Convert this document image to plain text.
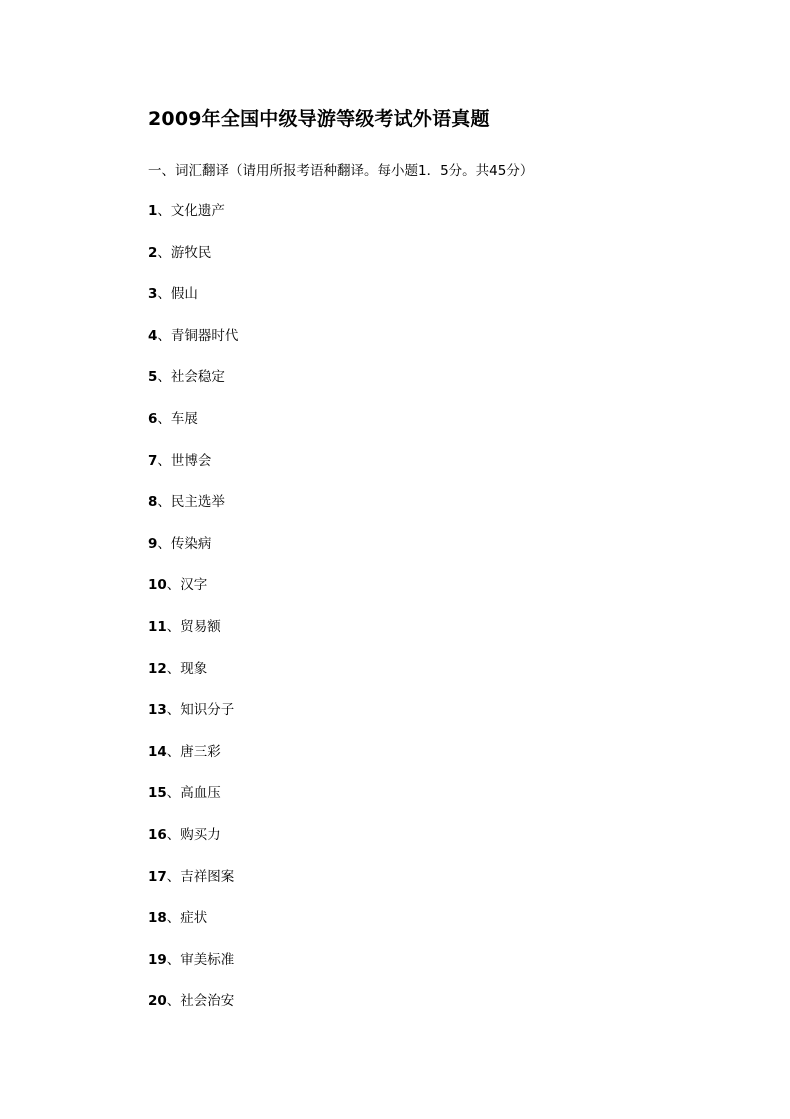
2009年全国中级导游等级考试外语真题
一、词汇翻译（请用所报考语种翻译。每小题1．5分。共45分）
1、文化遗产
2、游牧民
3、假山
4、青铜器时代
5、社会稳定
6、车展
7、世博会
8、民主选举
9、传染病
10、汉字
11、贸易额
12、现象
13、知识分子
14、唐三彩
15、高血压
16、购买力
17、吉祥图案
18、症状
19、审美标准
20、社会治安
